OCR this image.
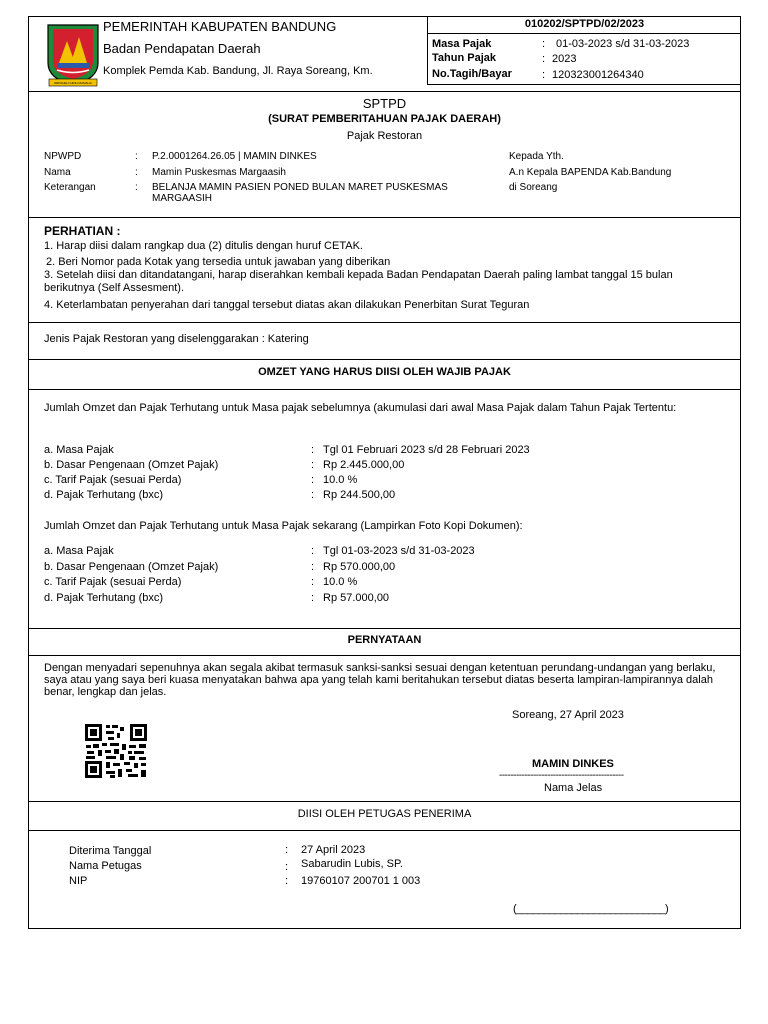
REPAHEH GIRIH MAMAHA
PEMERINTAH KABUPATEN BANDUNG
Badan Pendapatan Daerah
Komplek Pemda Kab. Bandung, Jl. Raya Soreang, Km.
010202/SPTPD/02/2023
Masa Pajak	: 01-03-2023 s/d 31-03-2023
Tahun Pajak	: 2023
No.Tagih/Bayar	: 120323001264340
SPTPD
(SURAT PEMBERITAHUAN PAJAK DAERAH)
Pajak Restoran
NPWPD	: P.2.0001264.26.05 | MAMIN DINKES
Nama	: Mamin Puskesmas Margaasih
Keterangan	: BELANJA MAMIN PASIEN PONED BULAN MARET PUSKESMAS MARGAASIH
Kepada Yth.
A.n Kepala BAPENDA Kab.Bandung
di Soreang
PERHATIAN :
1. Harap diisi dalam rangkap dua (2) ditulis dengan huruf CETAK.
2. Beri Nomor pada Kotak yang tersedia untuk jawaban yang diberikan
3. Setelah diisi dan ditandatangani, harap diserahkan kembali kepada Badan Pendapatan Daerah paling lambat tanggal 15 bulan berikutnya (Self Assesment).
4. Keterlambatan penyerahan dari tanggal tersebut diatas akan dilakukan Penerbitan Surat Teguran
Jenis Pajak Restoran yang diselenggarakan : Katering
OMZET YANG HARUS DIISI OLEH WAJIB PAJAK
Jumlah Omzet dan Pajak Terhutang untuk Masa pajak sebelumnya (akumulasi dari awal Masa Pajak dalam Tahun Pajak Tertentu:
a. Masa Pajak	: Tgl 01 Februari 2023 s/d 28 Februari 2023
b. Dasar Pengenaan (Omzet Pajak)	: Rp 2.445.000,00
c. Tarif Pajak (sesuai Perda)	: 10.0 %
d. Pajak Terhutang (bxc)	: Rp 244.500,00
Jumlah Omzet dan Pajak Terhutang untuk Masa Pajak sekarang (Lampirkan Foto Kopi Dokumen):
a. Masa Pajak	: Tgl 01-03-2023 s/d 31-03-2023
b. Dasar Pengenaan (Omzet Pajak)	: Rp 570.000,00
c. Tarif Pajak (sesuai Perda)	: 10.0 %
d. Pajak Terhutang (bxc)	: Rp 57.000,00
PERNYATAAN
Dengan menyadari sepenuhnya akan segala akibat termasuk sanksi-sanksi sesuai dengan ketentuan perundang-undangan yang berlaku, saya atau yang saya beri kuasa menyatakan bahwa apa yang telah kami beritahukan tersebut diatas beserta lampiran-lampirannya dalah benar, lengkap dan jelas.
Soreang, 27 April 2023
MAMIN DINKES
--------------------------------------------
Nama Jelas
DIISI OLEH PETUGAS PENERIMA
Diterima Tanggal	: 27 April 2023
Nama Petugas	: Sabarudin Lubis, SP.
NIP	: 19760107 200701 1 003
(___________________________)
